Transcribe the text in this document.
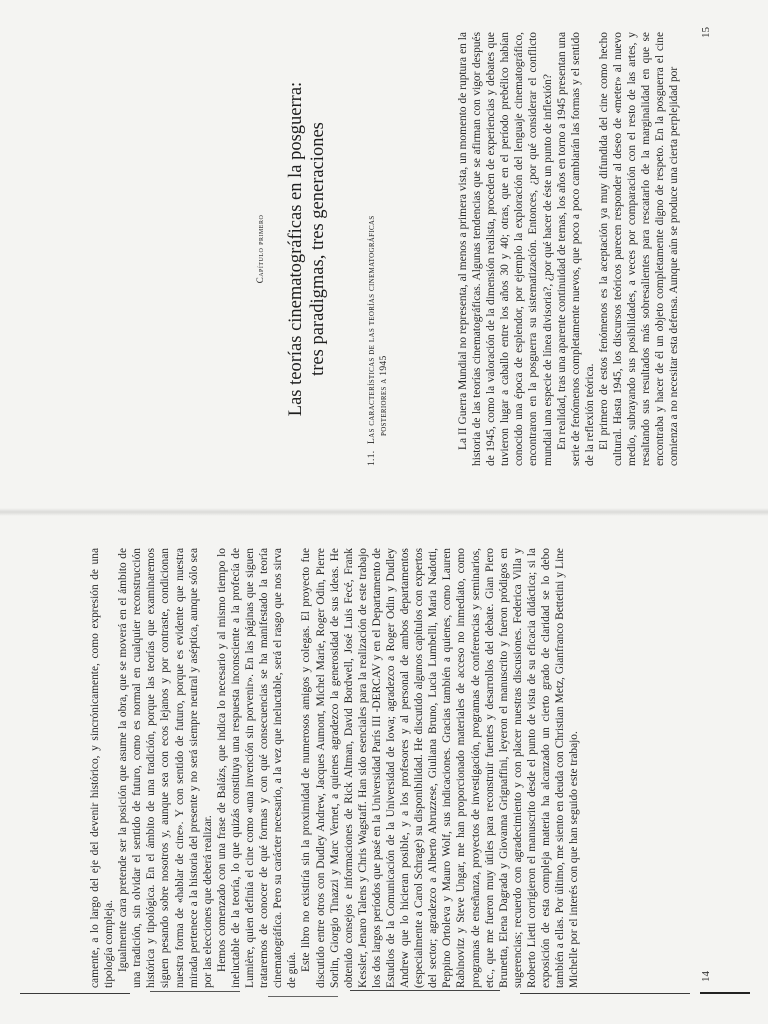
camente, a lo largo del eje del devenir histórico, y sincrónicamente, como expresión de una tipología compleja. Igualmente cara pretende ser la posición que asume la obra, que se moverá en el ámbito de una tradición, sin olvidar el sentido de futuro, como es normal en cualquier reconstrucción histórica y tipológica. En el ámbito de una tradición, porque las teorías que examinaremos siguen pesando sobre nosotros y, aunque sea con ecos lejanos y por contraste, condicionan nuestra forma de «hablar de cine». Y con sentido de futuro, porque es evidente que nuestra mirada pertenece a la historia del presente y no será siempre neutral y aséptica, aunque sólo sea por las elecciones que deberá realizar. Hemos comenzado con una frase de Balázs, que indica lo necesario y al mismo tiempo lo ineluctable de la teoría, lo que quizás constituya una respuesta inconsciente a la profecía de Lumière, quien definía el cine como «una invención sin porvenir». En las páginas que siguen trataremos de conocer de qué formas y con qué consecuencias se ha manifestado la teoría cinematográfica. Pero su carácter necesario, a la vez que ineluctable, será el rasgo que nos sirva de guía. Este libro no existiría sin la proximidad de numerosos amigos y colegas. El proyecto fue discutido entre otros con Dudley Andrew, Jacques Aumont, Michel Marie, Roger Odin, Pierre Sorlin, Giorgio Tinazzi y Marc Vernet, a quienes agradezco la generosidad de sus ideas. He obtenido consejos e informaciones de Rick Altman, David Bordwell, José Luis Fecé, Frank Kessler, Jenaro Talens y Chris Wagstaff. Han sido esenciales para la realización de este trabajo los dos largos períodos que pasé en la Universidad París III -DERCAV y en el Departamento de Estudios de la Comunicación de la Universidad de Iowa; agradezco a Roger Odin y Dudley Andrew que lo hicieran posible, y a los profesores y al personal de ambos departamentos (especialmente a Carol Schrage) su disponibilidad. He discutido algunos capítulos con expertos del sector; agradezco a Alberto Abruzzese, Giuliana Bruno, Lucia Lumbelli, Maria Nadotti, Peppino Ortoleva y Mauro Wolf, sus indicaciones. Gracias también a quienes, como Lauren Rabinovitz y Steve Ungar, me han proporcionado materiales de acceso no inmediato, como programas de enseñanza, proyectos de investigación, programas de conferencias y seminarios, etc., que me fueron muy útiles para reconstruir fuentes y desarrollos del debate. Gian Piero Brunetta, Elena Dagrada y Giovanna Grignaffini, leyeron el manuscrito y fueron pródigos en sugerencias; recuerdo con agradecimiento y con placer nuestras discusiones. Federica Villa y Roberto Lietti corrigieron el manuscrito desde el punto de vista de su eficacia didáctica; si la exposición de esta compleja materia ha alcanzado un cierto grado de claridad se lo debo también a ellas. Por último, me siento en deuda con Christian Metz, Gianfranco Bettetini y Line Michelle por el interés con que han seguido este trabajo.	14
Capítulo primero Las teorías cinematográficas en la posguerra: tres paradigmas, tres generaciones
1.1.Las características de las teorías cinematográficas posteriores a 1945	La II Guerra Mundial no representa, al menos a primera vista, un momento de ruptura en la historia de las teorías cinematográficas. Algunas tendencias que se afirman con vigor después de 1945, como la valoración de la dimensión realista, proceden de experiencias y debates que tuvieron lugar a caballo entre los años 30 y 40; otras, que en el período prebélico habían conocido una época de esplendor, por ejemplo la exploración del lenguaje cinematográfico, encontraron en la posguerra su sistematización. Entonces, ¿por qué considerar el conflicto mundial una especie de línea divisoria?, ¿por qué hacer de éste un punto de inflexión? En realidad, tras una aparente continuidad de temas, los años en torno a 1945 presentan una serie de fenómenos completamente nuevos, que poco a poco cambiarán las formas y el sentido de la reflexión teórica. El primero de estos fenómenos es la aceptación ya muy difundida del cine como hecho cultural. Hasta 1945, los discursos teóricos parecen responder al deseo de «meter» al nuevo medio, subrayando sus posibilidades, a veces por comparación con el resto de las artes, y resaltando sus resultados más sobresalientes para rescatarlo de la marginalidad en que se encontraba y hacer de él un objeto completamente digno de respeto. En la posguerra el cine comienza a no necesitar esta defensa. Aunque aún se produce una cierta perplejidad por

15
